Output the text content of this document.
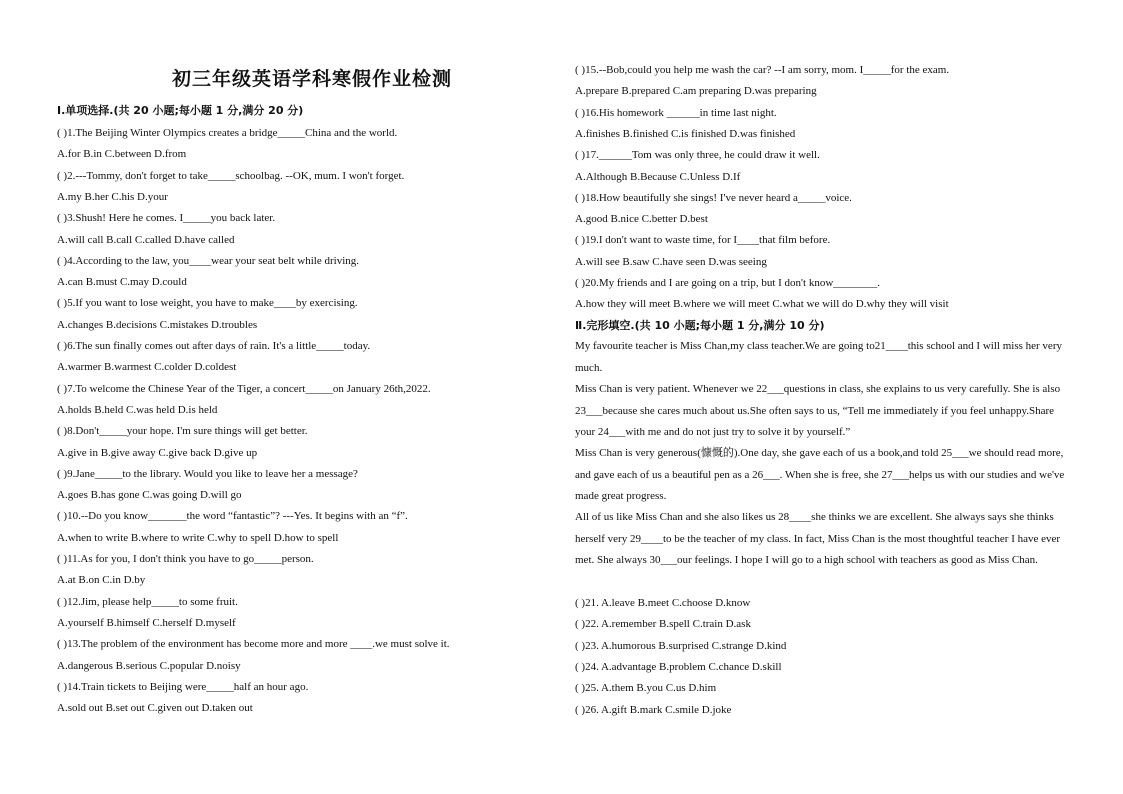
初三年级英语学科寒假作业检测
Ⅰ.单项选择.(共 20 小题;每小题 1 分,满分 20 分)
( )1.The Beijing Winter Olympics creates a bridge_____China and the world.
A.for B.in C.between D.from
( )2.---Tommy, don't forget to take_____schoolbag. --OK, mum. I won't forget.
A.my B.her C.his D.your
( )3.Shush! Here he comes. I_____you back later.
A.will call B.call C.called D.have called
( )4.According to the law, you____wear your seat belt while driving.
A.can B.must C.may D.could
( )5.If you want to lose weight, you have to make____by exercising.
A.changes B.decisions C.mistakes D.troubles
( )6.The sun finally comes out after days of rain. It's a little_____today.
A.warmer B.warmest C.colder D.coldest
( )7.To welcome the Chinese Year of the Tiger, a concert_____on January 26th,2022.
A.holds B.held C.was held D.is held
( )8.Don't_____your hope. I'm sure things will get better.
A.give in B.give away C.give back D.give up
( )9.Jane_____to the library. Would you like to leave her a message?
A.goes B.has gone C.was going D.will go
( )10.--Do you know_______the word “fantastic”? ---Yes. It begins with an “f”.
A.when to write B.where to write C.why to spell D.how to spell
( )11.As for you, I don't think you have to go_____person.
A.at B.on C.in D.by
( )12.Jim, please help_____to some fruit.
A.yourself B.himself C.herself D.myself
( )13.The problem of the environment has become more and more ____.we must solve it.
A.dangerous B.serious C.popular D.noisy
( )14.Train tickets to Beijing were_____half an hour ago.
A.sold out B.set out C.given out D.taken out
Ⅱ.完形填空.(共 10 小题;每小题 1 分,满分 10 分)
My favourite teacher is Miss Chan,my class teacher.We are going to21____this school and I will miss her very much.
Miss Chan is very patient. Whenever we 22___questions in class, she explains to us very carefully. She is also 23___because she cares much about us.She often says to us, “Tell me immediately if you feel unhappy.Share your 24___with me and do not just try to solve it by yourself.”
Miss Chan is very generous(慷慨的).One day, she gave each of us a book,and told 25___we should read more, and gave each of us a beautiful pen as a 26___. When she is free, she 27___helps us with our studies and we've made great progress.
All of us like Miss Chan and she also likes us 28____she thinks we are excellent. She always says she thinks herself very 29____to be the teacher of my class. In fact, Miss Chan is the most thoughtful teacher I have ever met. She always 30___our feelings. I hope I will go to a high school with teachers as good as Miss Chan.
( )15.--Bob,could you help me wash the car? --I am sorry, mom. I_____for the exam.
A.prepare B.prepared C.am preparing D.was preparing
( )16.His homework ______in time last night.
A.finishes B.finished C.is finished D.was finished
( )17.______Tom was only three, he could draw it well.
A.Although B.Because C.Unless D.If
( )18.How beautifully she sings! I've never heard a_____voice.
A.good B.nice C.better D.best
( )19.I don't want to waste time, for I____that film before.
A.will see B.saw C.have seen D.was seeing
( )20.My friends and I are going on a trip, but I don't know________.
A.how they will meet B.where we will meet C.what we will do D.why they will visit
( )21. A.leave B.meet C.choose D.know
( )22. A.remember B.spell C.train D.ask
( )23. A.humorous B.surprised C.strange D.kind
( )24. A.advantage B.problem C.chance D.skill
( )25. A.them B.you C.us D.him
( )26. A.gift B.mark C.smile D.joke
